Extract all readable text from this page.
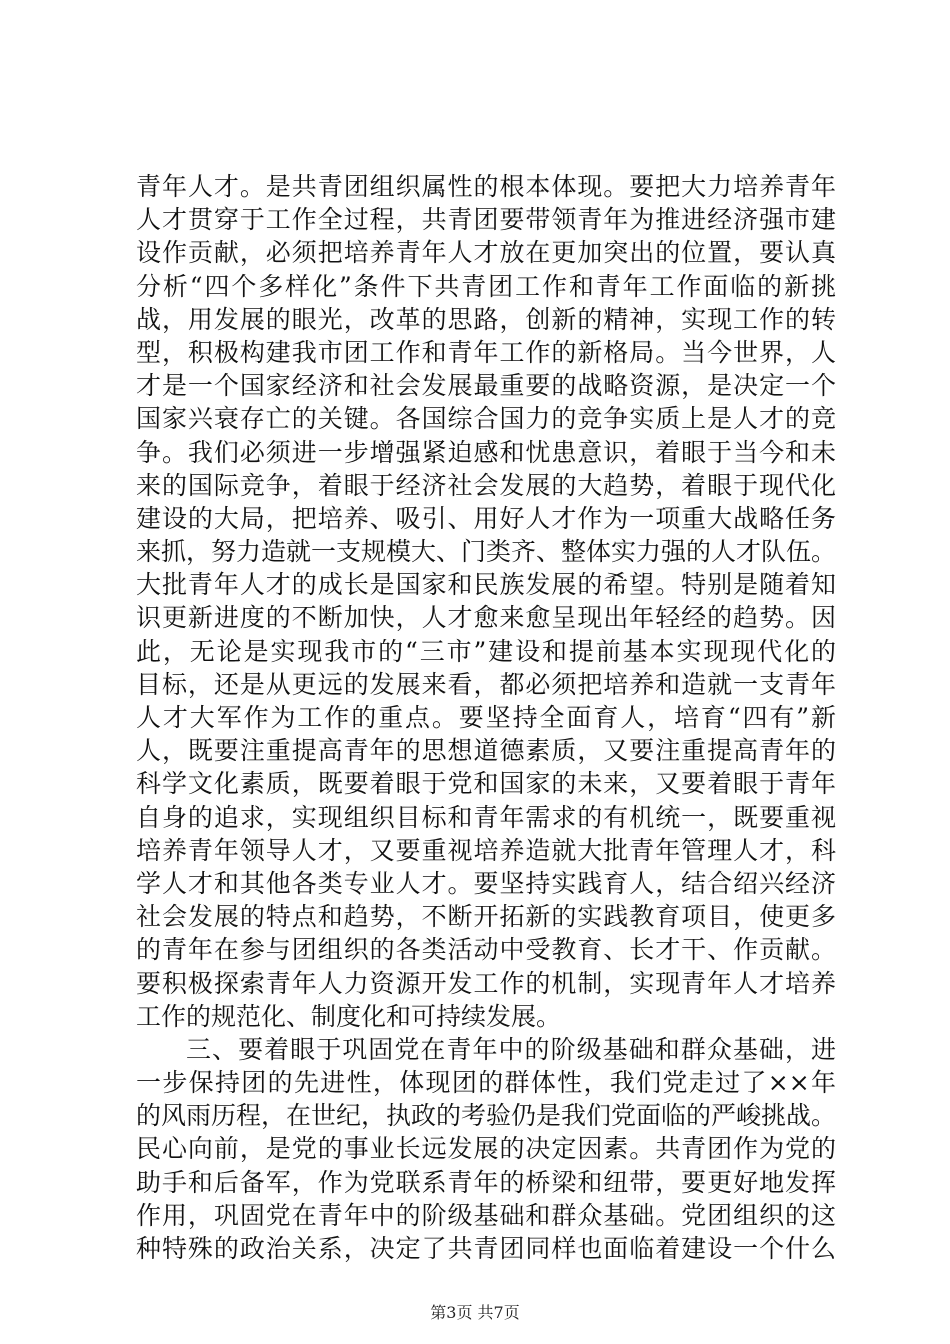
青年人才。是共青团组织属性的根本体现。要把大力培养青年
人才贯穿于工作全过程，共青团要带领青年为推进经济强市建
设作贡献，必须把培养青年人才放在更加突出的位置，要认真
分析“四个多样化”条件下共青团工作和青年工作面临的新挑
战，用发展的眼光，改革的思路，创新的精神，实现工作的转
型，积极构建我市团工作和青年工作的新格局。当今世界，人
才是一个国家经济和社会发展最重要的战略资源，是决定一个
国家兴衰存亡的关键。各国综合国力的竞争实质上是人才的竞
争。我们必须进一步增强紧迫感和忧患意识，着眼于当今和未
来的国际竞争，着眼于经济社会发展的大趋势，着眼于现代化
建设的大局，把培养、吸引、用好人才作为一项重大战略任务
来抓，努力造就一支规模大、门类齐、整体实力强的人才队伍。
大批青年人才的成长是国家和民族发展的希望。特别是随着知
识更新进度的不断加快，人才愈来愈呈现出年轻经的趋势。因
此，无论是实现我市的“三市”建设和提前基本实现现代化的
目标，还是从更远的发展来看，都必须把培养和造就一支青年
人才大军作为工作的重点。要坚持全面育人，培育“四有”新
人，既要注重提高青年的思想道德素质，又要注重提高青年的
科学文化素质，既要着眼于党和国家的未来，又要着眼于青年
自身的追求，实现组织目标和青年需求的有机统一，既要重视
培养青年领导人才，又要重视培养造就大批青年管理人才，科
学人才和其他各类专业人才。要坚持实践育人，结合绍兴经济
社会发展的特点和趋势，不断开拓新的实践教育项目，使更多
的青年在参与团组织的各类活动中受教育、长才干、作贡献。
要积极探索青年人力资源开发工作的机制，实现青年人才培养
工作的规范化、制度化和可持续发展。
三、要着眼于巩固党在青年中的阶级基础和群众基础，进
一步保持团的先进性，体现团的群体性，我们党走过了××年
的风雨历程，在世纪，执政的考验仍是我们党面临的严峻挑战。
民心向前，是党的事业长远发展的决定因素。共青团作为党的
助手和后备军，作为党联系青年的桥梁和纽带，要更好地发挥
作用，巩固党在青年中的阶级基础和群众基础。党团组织的这
种特殊的政治关系，决定了共青团同样也面临着建设一个什么
第3页 共7页
